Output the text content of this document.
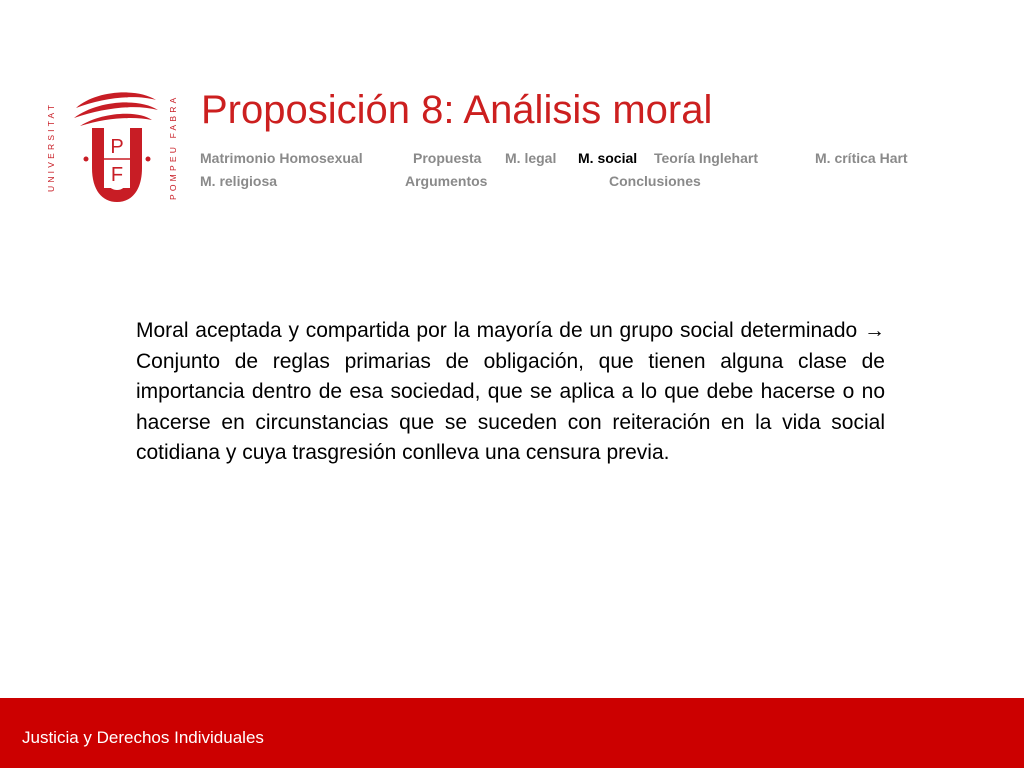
UNIVERSITAT	P
F	POMPEU FABRA Proposición 8: Análisis moral
Matrimonio Homosexual	Propuesta M. legal M. social Teoría Inglehart	M. crítica Hart
M. religiosa	Argumentos	Conclusiones

Moral aceptada y compartida por la mayoría de un grupo social determinado → Conjunto de reglas primarias de obligación, que tienen alguna clase de importancia dentro de esa sociedad, que se aplica a lo que debe hacerse o no hacerse en circunstancias que se suceden con reiteración en la vida social cotidiana y cuya trasgresión conlleva una censura previa.

Justicia y Derechos Individuales
